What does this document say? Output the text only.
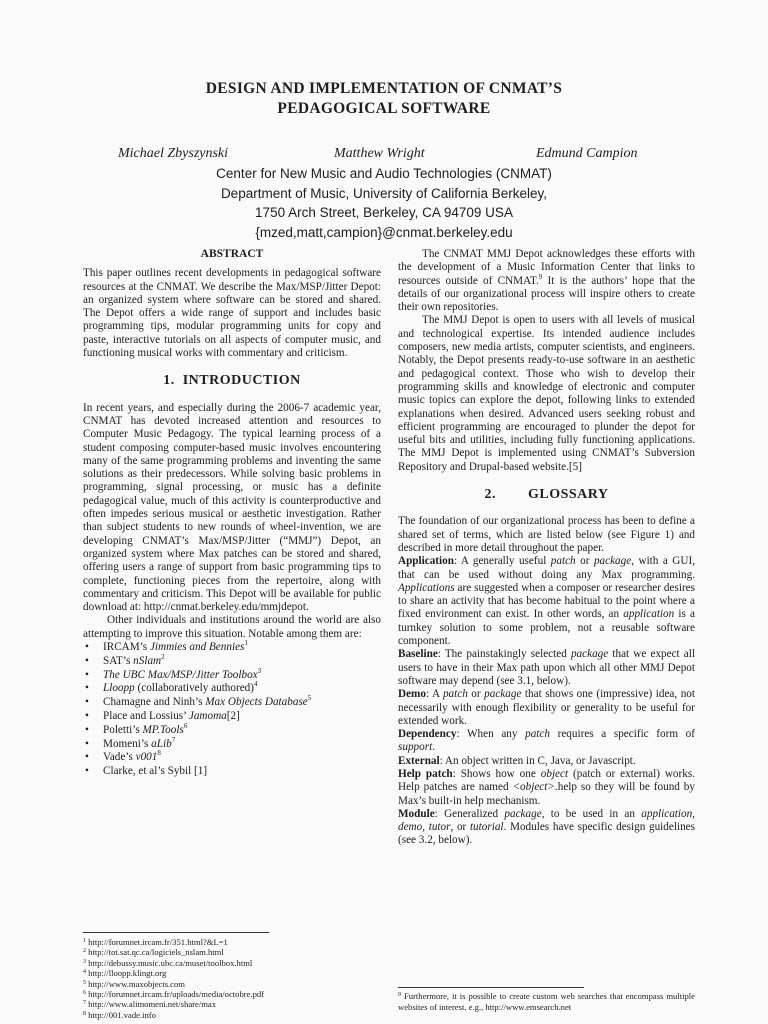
DESIGN AND IMPLEMENTATION OF CNMAT’S
PEDAGOGICAL SOFTWARE
Michael Zbyszynski	Matthew Wright	Edmund Campion
Center for New Music and Audio Technologies (CNMAT)
Department of Music, University of California Berkeley,
1750 Arch Street, Berkeley, CA 94709 USA
{mzed,matt,campion}@cnmat.berkeley.edu
ABSTRACT

This paper outlines recent developments in pedagogical software resources at the CNMAT. We describe the Max/MSP/Jitter Depot: an organized system where software can be stored and shared. The Depot offers a wide range of support and includes basic programming tips, modular programming units for copy and paste, interactive tutorials on all aspects of computer music, and functioning musical works with commentary and criticism.

1. INTRODUCTION

In recent years, and especially during the 2006-7 academic year, CNMAT has devoted increased attention and resources to Computer Music Pedagogy. The typical learning process of a student composing computer-based music involves encountering many of the same programming problems and inventing the same solutions as their predecessors. While solving basic problems in programming, signal processing, or music has a definite pedagogical value, much of this activity is counterproductive and often impedes serious musical or aesthetic investigation. Rather than subject students to new rounds of wheel-invention, we are developing CNMAT’s Max/MSP/Jitter (“MMJ”) Depot, an organized system where Max patches can be stored and shared, offering users a range of support from basic programming tips to complete, functioning pieces from the repertoire, along with commentary and criticism. This Depot will be available for public download at: http://cnmat.berkeley.edu/mmjdepot.

Other individuals and institutions around the world are also attempting to improve this situation. Notable among them are:

• IRCAM’s Jimmies and Bennies$^1$
• SAT’s nSlam$^2$
• The UBC Max/MSP/Jitter Toolbox$^3$
• Lloopp (collaboratively authored)$^4$
• Chamagne and Ninh’s Max Objects Database$^5$
• Place and Lossius’ Jamoma[2]
• Poletti’s MP.Tools$^6$
• Momeni’s aLib$^7$
• Vade’s $v001^8$
• Clarke, et al’s Sybil [1]
$^1$ http://forumnet.ircam.fr/351.html?&L=1
$^2$ http://tot.sat.qc.ca/logiciels_nslam.html
$^3$ http://debussy.music.ubc.ca/muset/toolbox.html
$^4$ http://lloopp.klingt.org
$^5$ http://www.maxobjects.com
$^6$ http://forumnet.ircam.fr/uploads/media/octobre.pdf
$^7$ http://www.alimomeni.net/share/max
$^8$ http://001.vade.info

The CNMAT MMJ Depot acknowledges these efforts with the development of a Music Information Center that links to resources outside of CNMAT.$^9$ It is the authors’ hope that the details of our organizational process will inspire others to create their own repositories.

The MMJ Depot is open to users with all levels of musical and technological expertise. Its intended audience includes composers, new media artists, computer scientists, and engineers. Notably, the Depot presents ready-to-use software in an aesthetic and pedagogical context. Those who wish to develop their programming skills and knowledge of electronic and computer music topics can explore the depot, following links to extended explanations when desired. Advanced users seeking robust and efficient programming are encouraged to plunder the depot for useful bits and utilities, including fully functioning applications. The MMJ Depot is implemented using CNMAT’s Subversion Repository and Drupal-based website.[5]

2. GLOSSARY

The foundation of our organizational process has been to define a shared set of terms, which are listed below (see Figure 1) and described in more detail throughout the paper.

Application: A generally useful patch or package, with a GUI, that can be used without doing any Max programming. Applications are suggested when a composer or researcher desires to share an activity that has become habitual to the point where a fixed environment can exist. In other words, an application is a turnkey solution to some problem, not a reusable software component.

Baseline: The painstakingly selected package that we expect all users to have in their Max path upon which all other MMJ Depot software may depend (see 3.1, below).

Demo: A patch or package that shows one (impressive) idea, not necessarily with enough flexibility or generality to be useful for extended work.

Dependency: When any patch requires a specific form of support.

External: An object written in C, Java, or Javascript.

Help patch: Shows how one object (patch or external) works. Help patches are named <object>.help so they will be found by Max’s built-in help mechanism.

Module: Generalized package, to be used in an application, demo, tutor, or tutorial. Modules have specific design guidelines (see 3.2, below).

$^9$ Furthermore, it is possible to create custom web searches that encompass multiple websites of interest. e.g., http://www.emsearch.net
